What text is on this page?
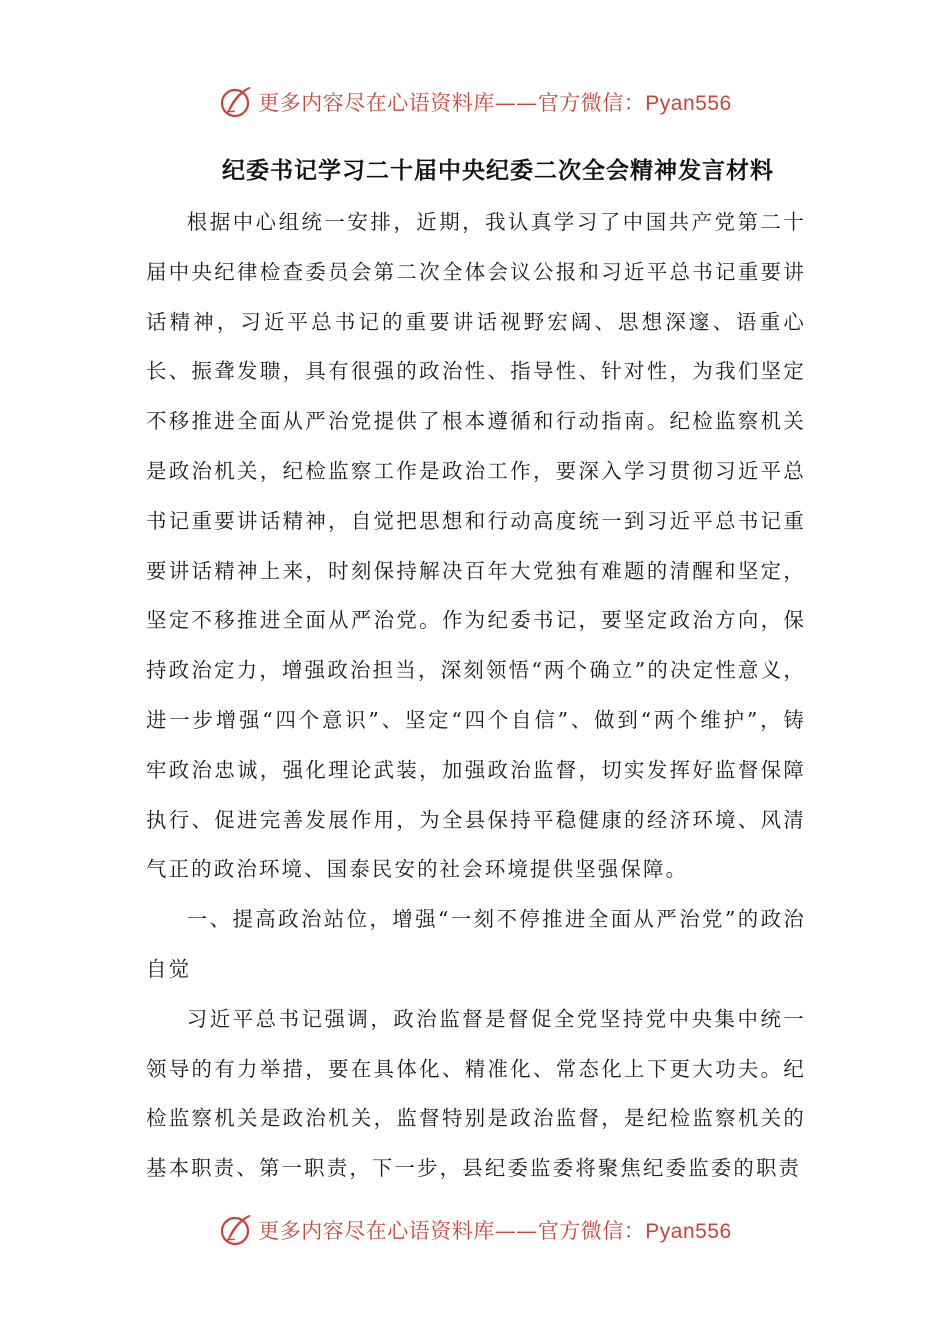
更多内容尽在心语资料库——官方微信：Pyan556
纪委书记学习二十届中央纪委二次全会精神发言材料

根据中心组统一安排，近期，我认真学习了中国共产党第二十届中央纪律检查委员会第二次全体会议公报和习近平总书记重要讲话精神，习近平总书记的重要讲话视野宏阔、思想深邃、语重心长、振聋发聩，具有很强的政治性、指导性、针对性，为我们坚定不移推进全面从严治党提供了根本遵循和行动指南。纪检监察机关是政治机关，纪检监察工作是政治工作，要深入学习贯彻习近平总书记重要讲话精神，自觉把思想和行动高度统一到习近平总书记重要讲话精神上来，时刻保持解决百年大党独有难题的清醒和坚定，坚定不移推进全面从严治党。作为纪委书记，要坚定政治方向，保持政治定力，增强政治担当，深刻领悟“两个确立”的决定性意义，进一步增强“四个意识”、坚定“四个自信”、做到“两个维护”，铸牢政治忠诚，强化理论武装，加强政治监督，切实发挥好监督保障执行、促进完善发展作用，为全县保持平稳健康的经济环境、风清气正的政治环境、国泰民安的社会环境提供坚强保障。

一、提高政治站位，增强“一刻不停推进全面从严治党”的政治自觉

习近平总书记强调，政治监督是督促全党坚持党中央集中统一领导的有力举措，要在具体化、精准化、常态化上下更大功夫。纪检监察机关是政治机关，监督特别是政治监督，是纪检监察机关的基本职责、第一职责，下一步，县纪委监委将聚焦纪委监委的职责

更多内容尽在心语资料库——官方微信：Pyan556
